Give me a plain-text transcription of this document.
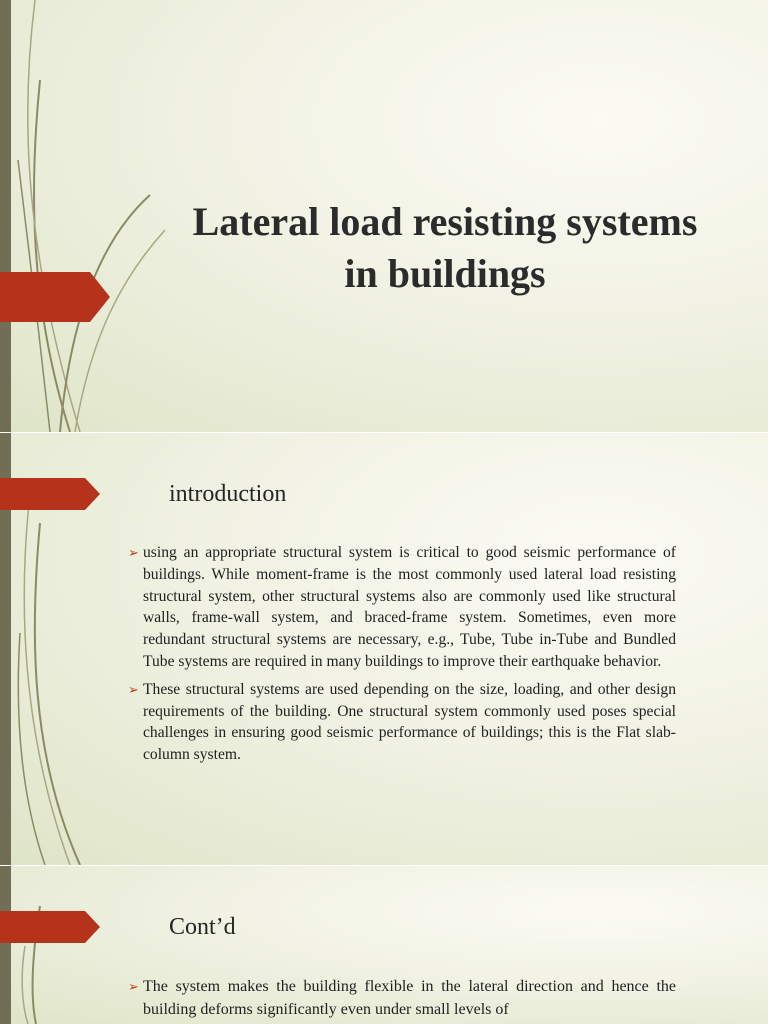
Lateral load resisting systems
in buildings
introduction
➢ using an appropriate structural system is critical to good seismic performance of buildings. While moment-frame is the most commonly used lateral load resisting structural system, other structural systems also are commonly used like structural walls, frame-wall system, and braced-frame system. Sometimes, even more redundant structural systems are necessary, e.g., Tube, Tube in-Tube and Bundled Tube systems are required in many buildings to improve their earthquake behavior.
➢ These structural systems are used depending on the size, loading, and other design requirements of the building. One structural system commonly used poses special challenges in ensuring good seismic performance of buildings; this is the Flat slab-column system.
Cont’d
➢ The system makes the building flexible in the lateral direction and hence the building deforms significantly even under small levels of
